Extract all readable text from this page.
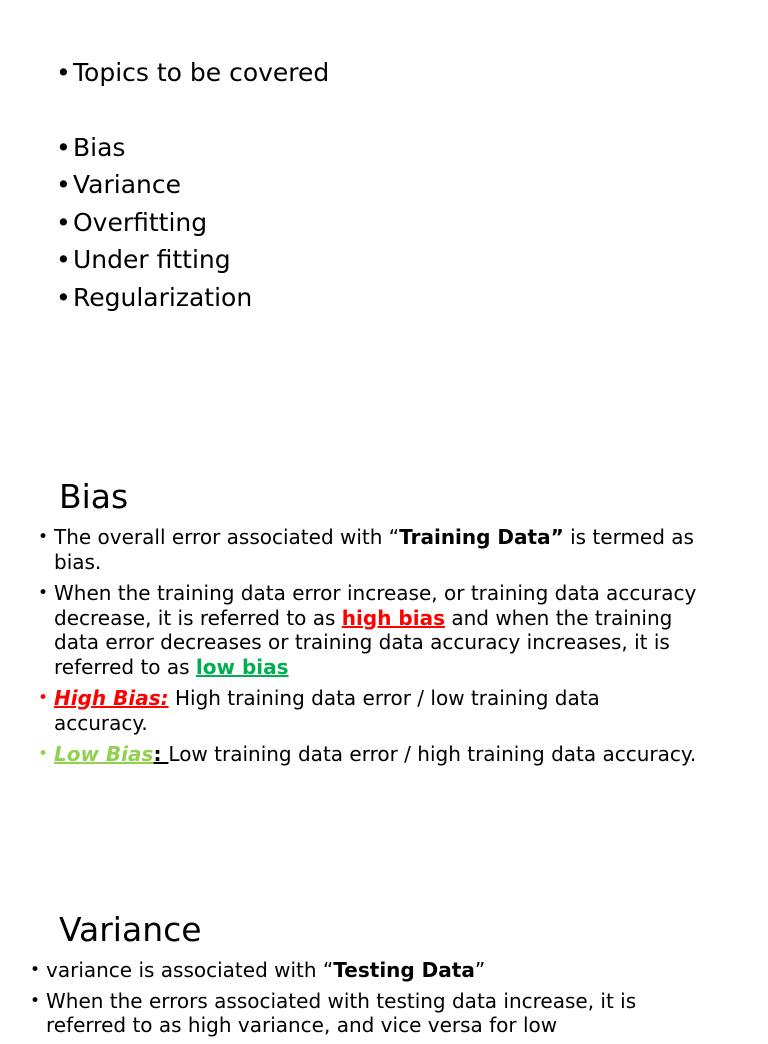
• Topics to be covered
• Bias
• Variance
• Overfitting
• Under fitting
• Regularization
Bias
• The overall error associated with “Training Data” is termed as bias.
• When the training data error increase, or training data accuracy decrease, it is referred to as high bias and when the training data error decreases or training data accuracy increases, it is referred to as low bias
• High Bias: High training data error / low training data accuracy.
• Low Bias: Low training data error / high training data accuracy.
Variance
• variance is associated with “Testing Data”
• When the errors associated with testing data increase, it is referred to as high variance, and vice versa for low
